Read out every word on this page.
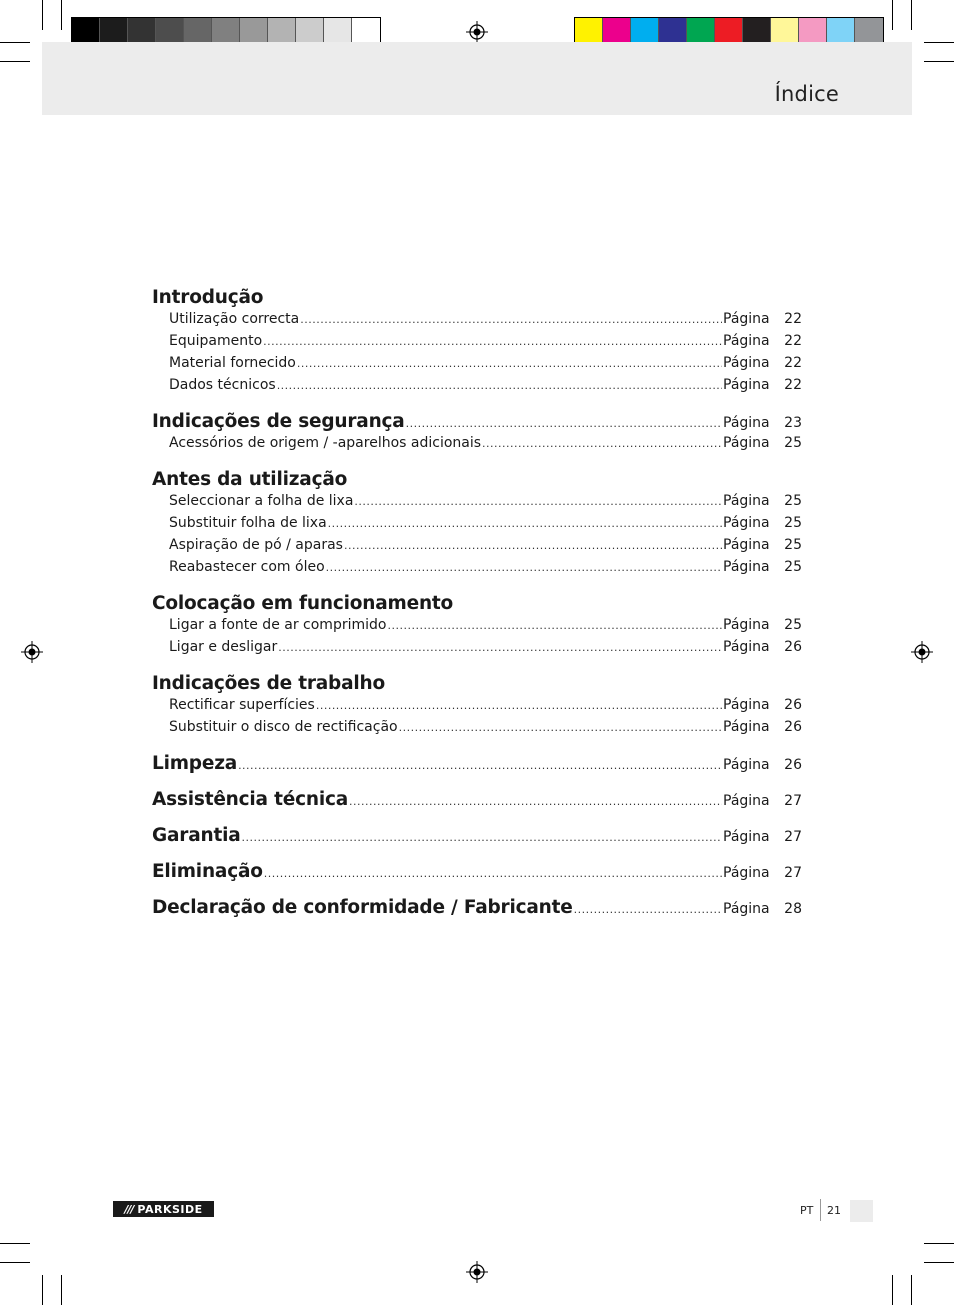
Índice
Introdução
Utilização correcta .....	Página	22
Equipamento .....	Página	22
Material fornecido .....	Página	22
Dados técnicos .....	Página	22
Indicações de segurança .....	Página	23
Acessórios de origem / -aparelhos adicionais .....	Página	25
Antes da utilização
Seleccionar a folha de lixa .....	Página	25
Substituir folha de lixa .....	Página	25
Aspiração de pó / aparas .....	Página	25
Reabastecer com óleo .....	Página	25
Colocação em funcionamento
Ligar a fonte de ar comprimido .....	Página	25
Ligar e desligar .....	Página	26
Indicações de trabalho
Rectificar superfícies .....	Página	26
Substituir o disco de rectificação .....	Página	26
Limpeza .....	Página	26
Assistência técnica .....	Página	27
Garantia .....	Página	27
Eliminação .....	Página	27
Declaração de conformidade / Fabricante .....	Página	28
/// PARKSIDE	PT 21
